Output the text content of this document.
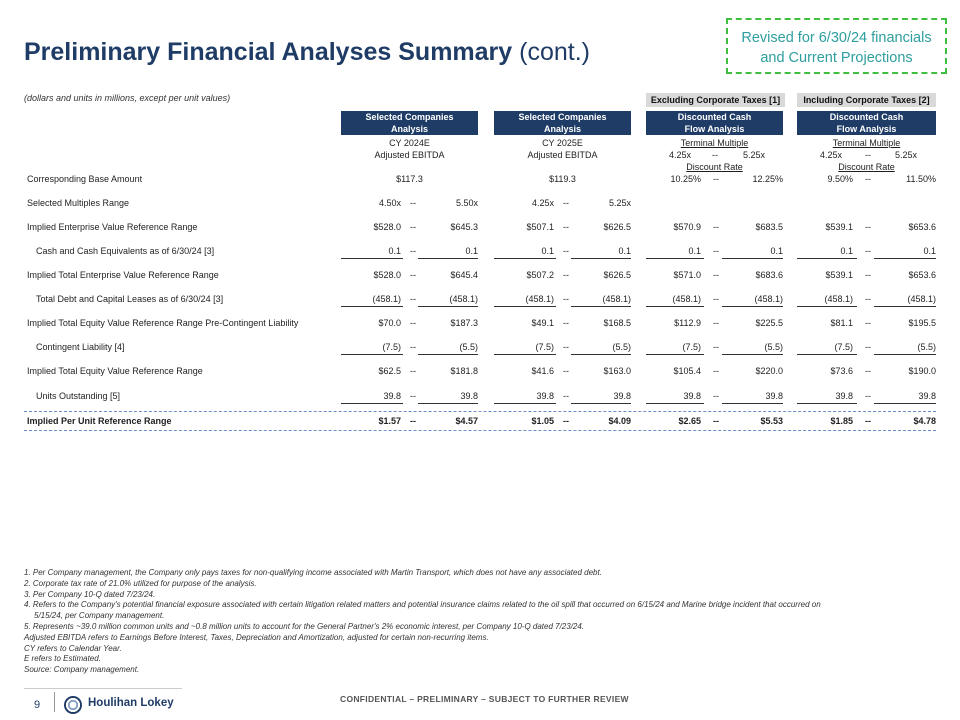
Preliminary Financial Analyses Summary (cont.)	Revised for 6/30/24 financials
and Current Projections
(dollars and units in millions, except per unit values)	Excluding Corporate Taxes [1]	Including Corporate Taxes [2]
Selected Companies
Analysis
Selected Companies
Analysis
Discounted Cash
Flow Analysis
Discounted Cash
Flow Analysis
CY 2024E
Adjusted EBITDA
CY 2025E
Adjusted EBITDA
Terminal Multiple
4.25x	--	5.25x
Discount Rate
Terminal Multiple
4.25x	--	5.25x
Discount Rate
Corresponding Base Amount	$117.3	$119.3	10.25%	--	12.25%	9.50%	--	11.50%
Selected Multiples Range	4.50x	--	5.50x	4.25x	--	5.25x
Implied Enterprise Value Reference Range	$528.0	--	$645.3	$507.1	--	$626.5	$570.9	--	$683.5	$539.1	--	$653.6
Cash and Cash Equivalents as of 6/30/24 [3]	0.1	--	0.1	0.1	--	0.1	0.1	--	0.1	0.1	--	0.1
Implied Total Enterprise Value Reference Range	$528.0	--	$645.4	$507.2	--	$626.5	$571.0	--	$683.6	$539.1	--	$653.6
Total Debt and Capital Leases as of 6/30/24 [3]	(458.1)	--	(458.1)	(458.1)	--	(458.1)	(458.1)	--	(458.1)	(458.1)	--	(458.1)
Implied Total Equity Value Reference Range Pre-Contingent Liability	$70.0	--	$187.3	$49.1	--	$168.5	$112.9	--	$225.5	$81.1	--	$195.5
Contingent Liability [4]	(7.5)	--	(5.5)	(7.5)	--	(5.5)	(7.5)	--	(5.5)	(7.5)	--	(5.5)
Implied Total Equity Value Reference Range	$62.5	--	$181.8	$41.6	--	$163.0	$105.4	--	$220.0	$73.6	--	$190.0
Units Outstanding [5]	39.8	--	39.8	39.8	--	39.8	39.8	--	39.8	39.8	--	39.8
Implied Per Unit Reference Range	$1.57	--	$4.57	$1.05	--	$4.09	$2.65	--	$5.53	$1.85	--	$4.78
1. Per Company management, the Company only pays taxes for non-qualifying income associated with Martin Transport, which does not have any associated debt.
2. Corporate tax rate of 21.0% utilized for purpose of the analysis.
3. Per Company 10-Q dated 7/23/24.
4. Refers to the Company's potential financial exposure associated with certain litigation related matters and potential insurance claims related to the oil spill that occurred on 6/15/24 and Marine bridge incident that occurred on
5/15/24, per Company management.
5. Represents ~39.0 million common units and ~0.8 million units to account for the General Partner's 2% economic interest, per Company 10-Q dated 7/23/24.
Adjusted EBITDA refers to Earnings Before Interest, Taxes, Depreciation and Amortization, adjusted for certain non-recurring items.
CY refers to Calendar Year.
E refers to Estimated.
Source: Company management.
9	Houlihan Lokey	CONFIDENTIAL – PRELIMINARY – SUBJECT TO FURTHER REVIEW
